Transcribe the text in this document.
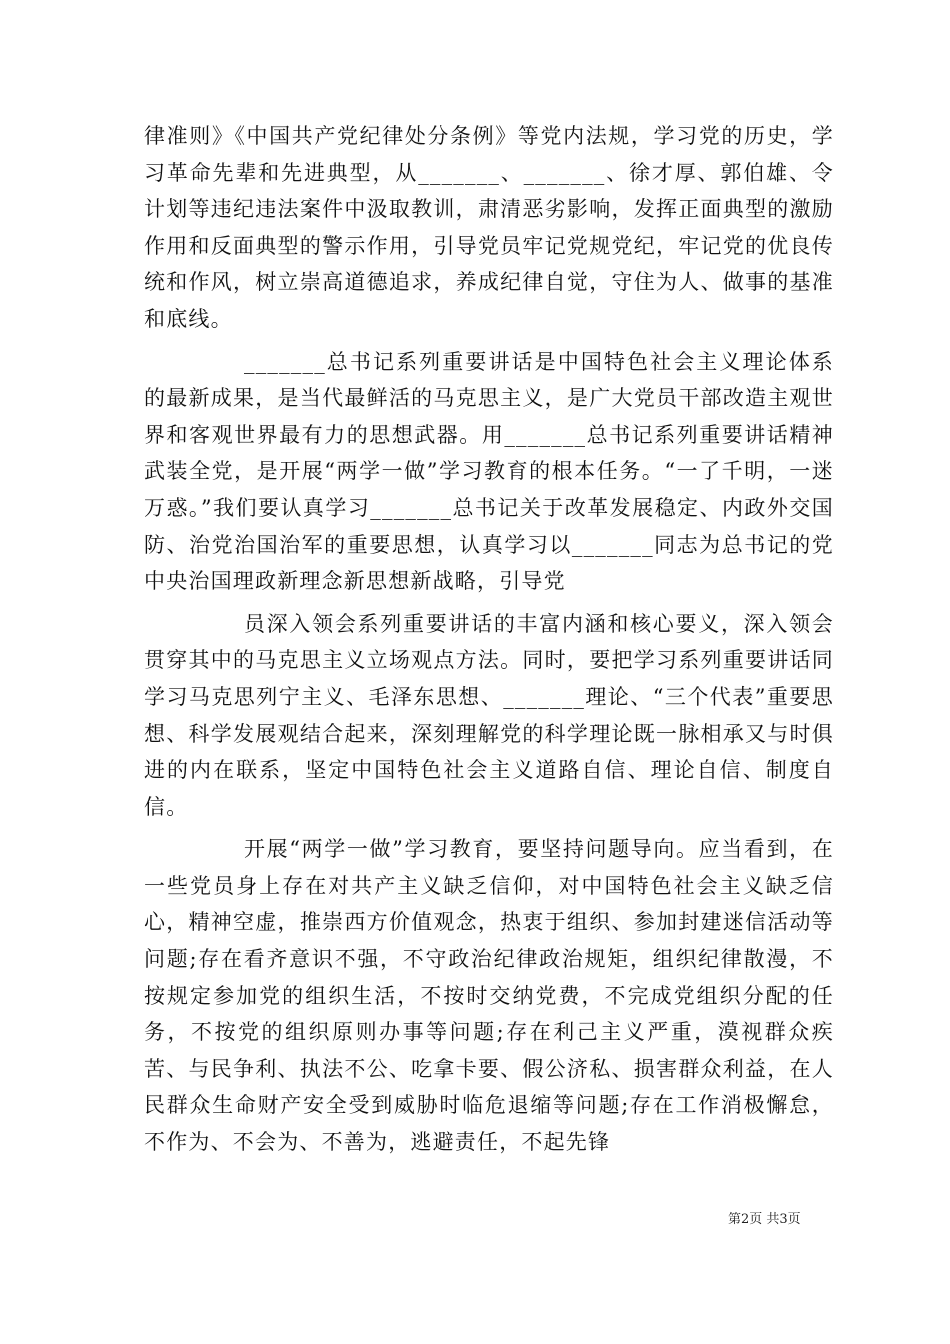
律准则》《中国共产党纪律处分条例》等党内法规，学习党的历史，学习革命先辈和先进典型，从_______、_______、徐才厚、郭伯雄、令计划等违纪违法案件中汲取教训，肃清恶劣影响，发挥正面典型的激励作用和反面典型的警示作用，引导党员牢记党规党纪，牢记党的优良传统和作风，树立崇高道德追求，养成纪律自觉，守住为人、做事的基准和底线。

_______总书记系列重要讲话是中国特色社会主义理论体系的最新成果，是当代最鲜活的马克思主义，是广大党员干部改造主观世界和客观世界最有力的思想武器。用_______总书记系列重要讲话精神武装全党，是开展“两学一做”学习教育的根本任务。“一了千明，一迷万惑。”我们要认真学习_______总书记关于改革发展稳定、内政外交国防、治党治国治军的重要思想，认真学习以_______同志为总书记的党中央治国理政新理念新思想新战略，引导党

员深入领会系列重要讲话的丰富内涵和核心要义，深入领会贯穿其中的马克思主义立场观点方法。同时，要把学习系列重要讲话同学习马克思列宁主义、毛泽东思想、_______理论、“三个代表”重要思想、科学发展观结合起来，深刻理解党的科学理论既一脉相承又与时俱进的内在联系，坚定中国特色社会主义道路自信、理论自信、制度自信。

开展“两学一做”学习教育，要坚持问题导向。应当看到，在一些党员身上存在对共产主义缺乏信仰，对中国特色社会主义缺乏信心，精神空虚，推崇西方价值观念，热衷于组织、参加封建迷信活动等问题;存在看齐意识不强，不守政治纪律政治规矩，组织纪律散漫，不按规定参加党的组织生活，不按时交纳党费，不完成党组织分配的任务，不按党的组织原则办事等问题;存在利己主义严重，漠视群众疾苦、与民争利、执法不公、吃拿卡要、假公济私、损害群众利益，在人民群众生命财产安全受到威胁时临危退缩等问题;存在工作消极懈怠，不作为、不会为、不善为，逃避责任，不起先锋

第2页 共3页
